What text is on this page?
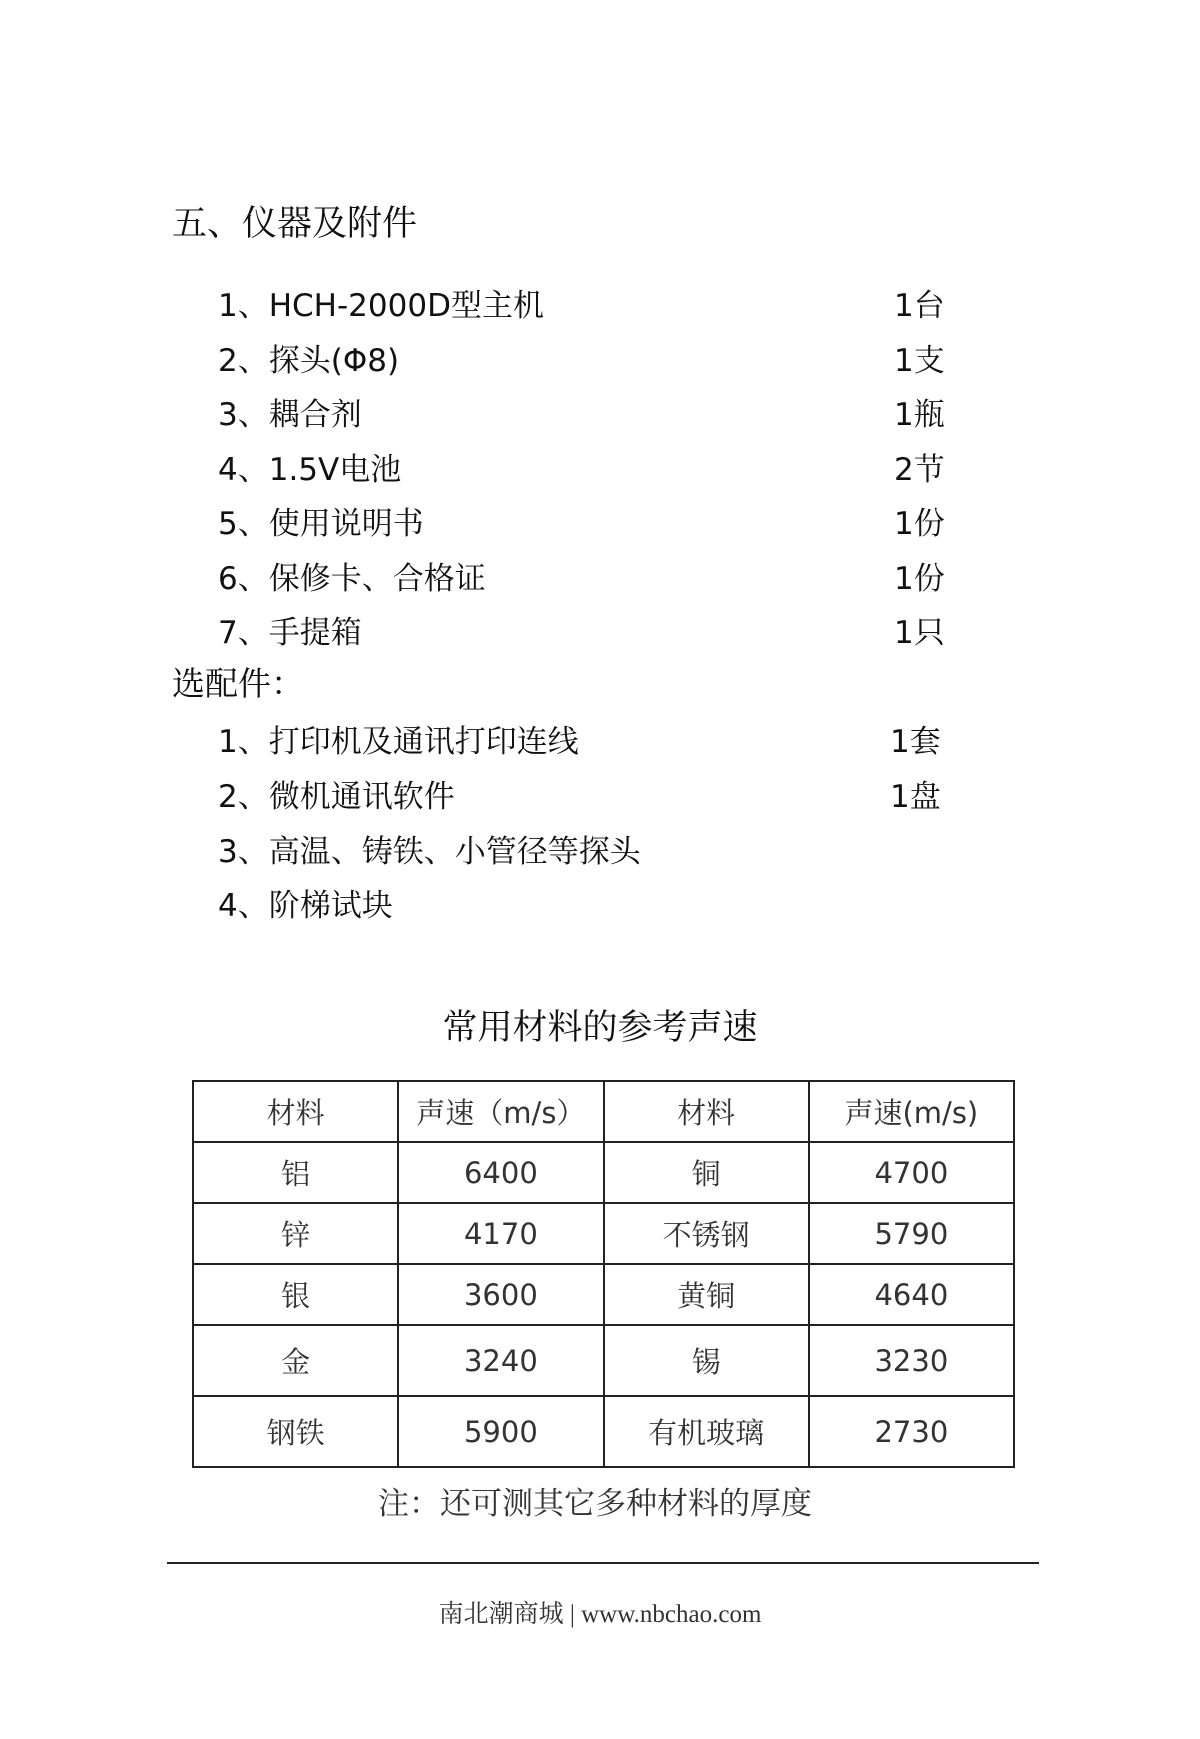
五、仪器及附件
1、HCH-2000D型主机	1台
2、探头(Φ8)	1支
3、耦合剂	1瓶
4、1.5V电池	2节
5、使用说明书	1份
6、保修卡、合格证	1份
7、手提箱	1只
选配件：
1、打印机及通讯打印连线	1套
2、微机通讯软件	1盘
3、高温、铸铁、小管径等探头
4、阶梯试块
常用材料的参考声速
材料	声速（m/s）	材料	声速(m/s)
铝	6400	铜	4700
锌	4170	不锈钢	5790
银	3600	黄铜	4640
金	3240	锡	3230
钢铁	5900	有机玻璃	2730
注：还可测其它多种材料的厚度
南北潮商城 | www.nbchao.com
